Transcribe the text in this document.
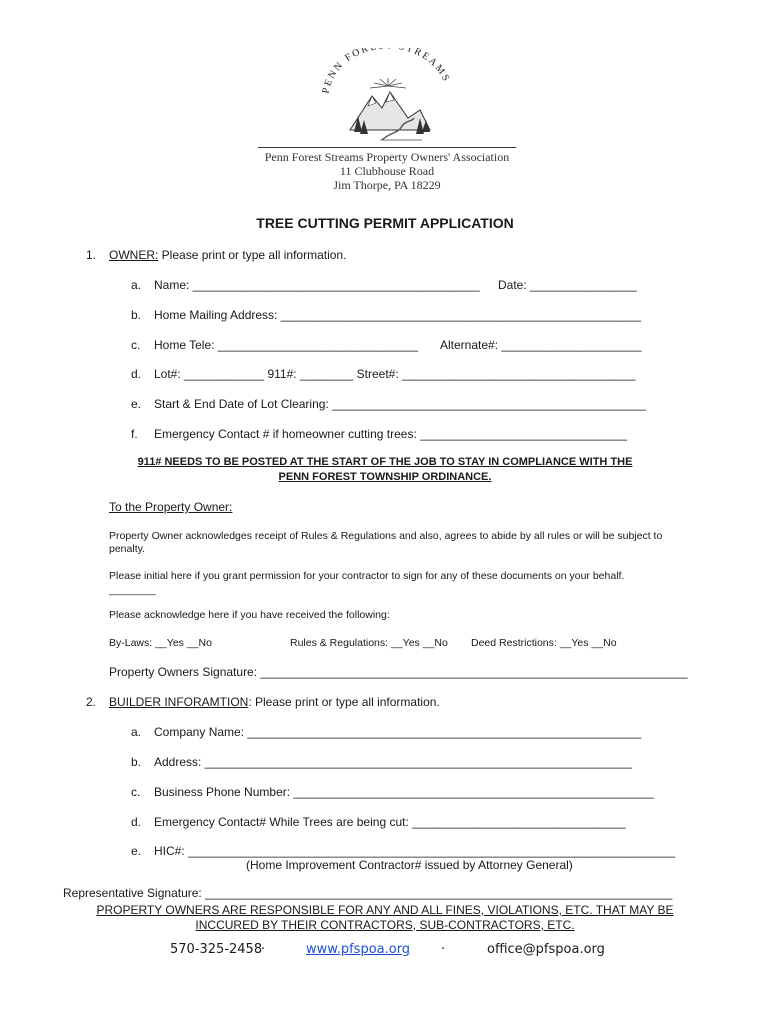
PENN FOR TREAMS
Penn Forest Streams Property Owners' Association
11 Clubhouse Road
Jim Thorpe, PA 18229
TREE CUTTING PERMIT APPLICATION
1. OWNER: Please print or type all information.
a. Name: ___________________________________________ Date: ________________
b. Home Mailing Address: ______________________________________________________
c. Home Tele: ______________________________ Alternate#: _____________________
d. Lot#: ____________ 911#: ________ Street#: ___________________________________
e. Start & End Date of Lot Clearing: _______________________________________________
f. Emergency Contact # if homeowner cutting trees: _______________________________
911# NEEDS TO BE POSTED AT THE START OF THE JOB TO STAY IN COMPLIANCE WITH THE
PENN FOREST TOWNSHIP ORDINANCE.
To the Property Owner:
Property Owner acknowledges receipt of Rules & Regulations and also, agrees to abide by all rules or will be subject to
penalty.
Please initial here if you grant permission for your contractor to sign for any of these documents on your behalf.
________
Please acknowledge here if you have received the following:
By-Laws: __Yes __No	Rules & Regulations: __Yes __No Deed Restrictions: __Yes __No
Property Owners Signature: ________________________________________________________________
2. BUILDER INFORAMTION: Please print or type all information.
a. Company Name: ___________________________________________________________
b. Address: ________________________________________________________________
c. Business Phone Number: ______________________________________________________
d. Emergency Contact# While Trees are being cut: ________________________________
e. HIC#: _________________________________________________________________________
(Home Improvement Contractor# issued by Attorney General)
Representative Signature: ______________________________________________________________________
PROPERTY OWNERS ARE RESPONSIBLE FOR ANY AND ALL FINES, VIOLATIONS, ETC. THAT MAY BE
INCCURED BY THEIR CONTRACTORS, SUB-CONTRACTORS, ETC.
570-325-2458
·	www.pfspoa.org ·	office@pfspoa.org
